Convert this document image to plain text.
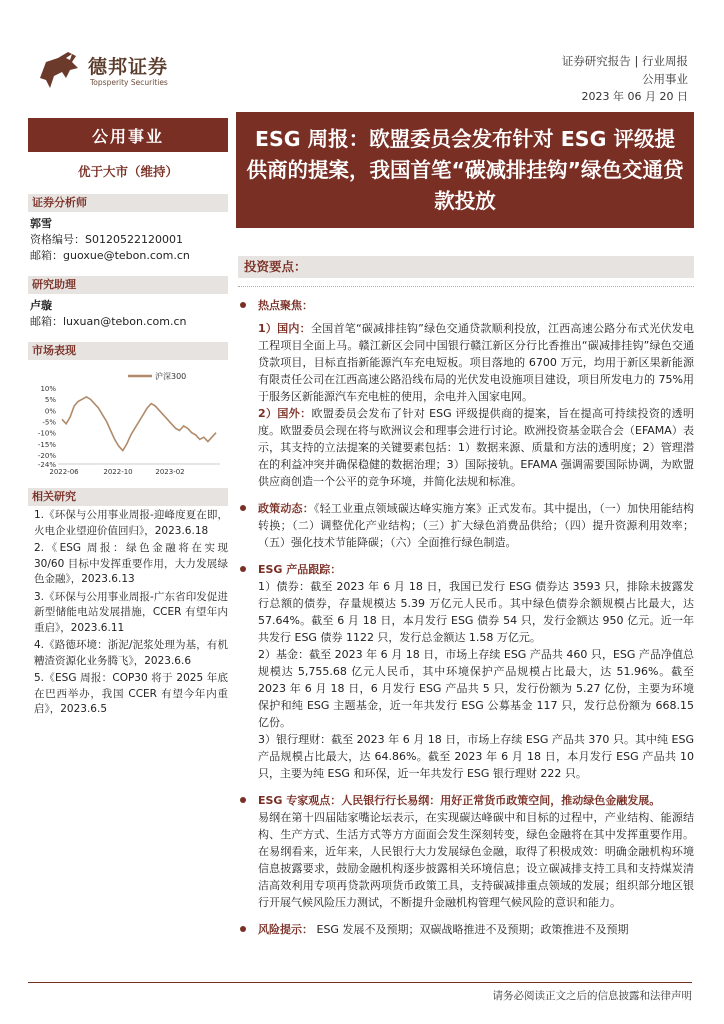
德邦证券
Topsperity Securities
证券研究报告 | 行业周报
公用事业
2023 年 06 月 20 日
ESG 周报：欧盟委员会发布针对 ESG 评级提供商的提案，我国首笔“碳减排挂钩”绿色交通贷款投放
公用事业
优于大市（维持）
证券分析师
郭雪
资格编号：S0120522120001
邮箱：guoxue@tebon.com.cn
研究助理
卢璇
邮箱：luxuan@tebon.com.cn
市场表现
沪深300
10%
5%
0%
-5%
-10%
-15%
-20%
-24%
2022-06	2022-10	2023-02
相关研究
1.《环保与公用事业周报-迎峰度夏在即，火电企业望迎价值回归》，2023.6.18
2.《ESG 周报：绿色金融将在实现 30/60 目标中发挥重要作用，大力发展绿色金融》，2023.6.13
3.《环保与公用事业周报-广东省印发促进新型储能电站发展措施，CCER 有望年内重启》，2023.6.11
4.《路德环境：浙泥/泥浆处理为基，有机糟渣资源化业务腾飞》，2023.6.6
5.《ESG 周报：COP30 将于 2025 年底在巴西举办，我国 CCER 有望今年内重启》，2023.6.5
投资要点：
热点聚焦：
1）国内：全国首笔“碳减排挂钩”绿色交通贷款顺利投放，江西高速公路分布式光伏发电工程项目全面上马。赣江新区会同中国银行赣江新区分行比香推出“碳减排挂钩”绿色交通贷款项目，目标直指新能源汽车充电短板。项目落地的 6700 万元，均用于新区果新能源有限责任公司在江西高速公路沿线布局的光伏发电设施项目建设，项目所发电力的 75%用于服务区新能源汽车充电桩的使用，余电并入国家电网。
2）国外：欧盟委员会发布了针对 ESG 评级提供商的提案，旨在提高可持续投资的透明度。欧盟委员会现在将与欧洲议会和理事会进行讨论。欧洲投资基金联合会（EFAMA）表示，其支持的立法提案的关键要素包括：1）数据来源、质量和方法的透明度；2）管理潜在的利益冲突并确保稳健的数据治理；3）国际接轨。EFAMA 强调需要国际协调，为欧盟供应商创造一个公平的竞争环境，并简化法规和标准。
政策动态：《轻工业重点领域碳达峰实施方案》正式发布。其中提出，（一）加快用能结构转换；（二）调整优化产业结构；（三）扩大绿色消费品供给；（四）提升资源利用效率；（五）强化技术节能降碳；（六）全面推行绿色制造。
ESG 产品跟踪：
1）债券：截至 2023 年 6 月 18 日，我国已发行 ESG 债券达 3593 只，排除未披露发行总额的债券，存量规模达 5.39 万亿元人民币。其中绿色债券余额规模占比最大，达 57.64%。截至 6 月 18 日，本月发行 ESG 债券 54 只，发行金额达 950 亿元。近一年共发行 ESG 债券 1122 只，发行总金额达 1.58 万亿元。
2）基金：截至 2023 年 6 月 18 日，市场上存续 ESG 产品共 460 只，ESG 产品净值总规模达 5,755.68 亿元人民币，其中环境保护产品规模占比最大，达 51.96%。截至 2023 年 6 月 18 日，6 月发行 ESG 产品共 5 只，发行份额为 5.27 亿份，主要为环境保护和纯 ESG 主题基金，近一年共发行 ESG 公募基金 117 只，发行总份额为 668.15 亿份。
3）银行理财：截至 2023 年 6 月 18 日，市场上存续 ESG 产品共 370 只。其中纯 ESG 产品规模占比最大，达 64.86%。截至 2023 年 6 月 18 日，本月发行 ESG 产品共 10 只，主要为纯 ESG 和环保，近一年共发行 ESG 银行理财 222 只。
ESG 专家观点：人民银行行长易纲：用好正常货币政策空间，推动绿色金融发展。
易纲在第十四届陆家嘴论坛表示，在实现碳达峰碳中和目标的过程中，产业结构、能源结构、生产方式、生活方式等方方面面会发生深刻转变，绿色金融将在其中发挥重要作用。在易纲看来，近年来，人民银行大力发展绿色金融，取得了积极成效：明确金融机构环境信息披露要求，鼓励金融机构逐步披露相关环境信息；设立碳减排支持工具和支持煤炭清洁高效利用专项再贷款两项货币政策工具，支持碳减排重点领域的发展；组织部分地区银行开展气候风险压力测试，不断提升金融机构管理气候风险的意识和能力。
风险提示： ESG 发展不及预期；双碳战略推进不及预期；政策推进不及预期
请务必阅读正文之后的信息披露和法律声明
